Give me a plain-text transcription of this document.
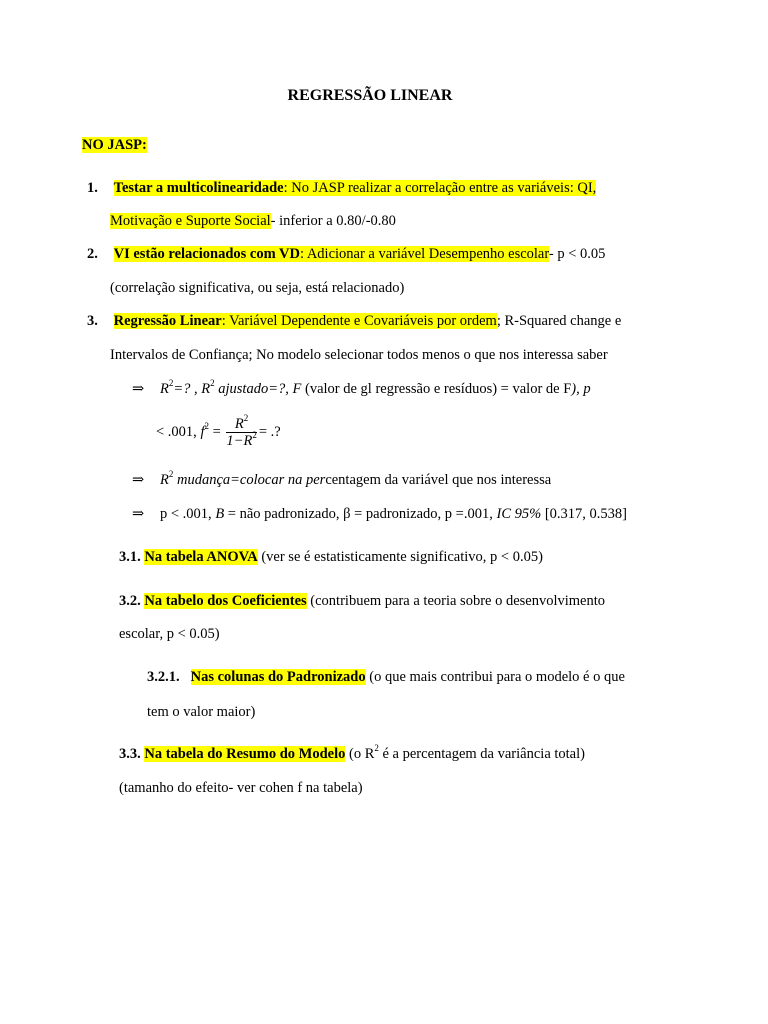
REGRESSÃO LINEAR
NO JASP:
1. Testar a multicolinearidade: No JASP realizar a correlação entre as variáveis: QI,
Motivação e Suporte Social- inferior a 0.80/-0.80
2. VI estão relacionados com VD: Adicionar a variável Desempenho escolar- p < 0.05
(correlação significativa, ou seja, está relacionado)
3. Regressão Linear: Variável Dependente e Covariáveis por ordem; R-Squared change e
Intervalos de Confiança; No modelo selecionar todos menos o que nos interessa saber
⇒ $R^2=$? , $R^2$ ajustado=?, F (valor de gl regressão e resíduos) = valor de F), p
< .001, $f^2 = \frac{R^2}{1-R^2}$ = .?
⇒ $R^2$ mudança=colocar na percentagem da variável que nos interessa
⇒ p < .001, B = não padronizado, β = padronizado, p =.001, IC 95% [0.317, 0.538]
3.1. Na tabela ANOVA (ver se é estatisticamente significativo, p < 0.05)
3.2. Na tabelo dos Coeficientes (contribuem para a teoria sobre o desenvolvimento
escolar, p < 0.05)
3.2.1. Nas colunas do Padronizado (o que mais contribui para o modelo é o que
tem o valor maior)
3.3. Na tabela do Resumo do Modelo (o $R^2$ é a percentagem da variância total)
(tamanho do efeito- ver cohen f na tabela)
